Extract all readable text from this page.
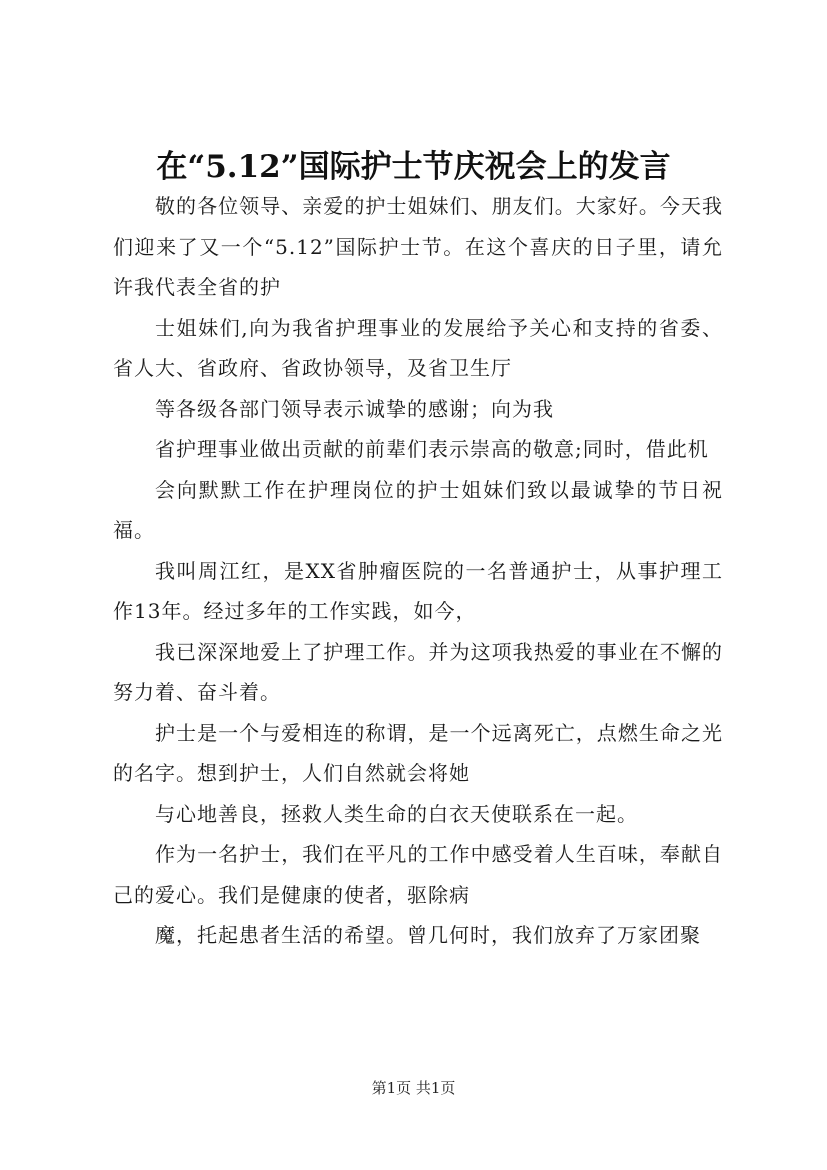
在“5.12”国际护士节庆祝会上的发言

敬的各位领导、亲爱的护士姐妹们、朋友们。大家好。今天我们迎来了又一个“5.12”国际护士节。在这个喜庆的日子里，请允许我代表全省的护

士姐妹们,向为我省护理事业的发展给予关心和支持的省委、省人大、省政府、省政协领导，及省卫生厅

等各级各部门领导表示诚挚的感谢；向为我

省护理事业做出贡献的前辈们表示崇高的敬意;同时，借此机

会向默默工作在护理岗位的护士姐妹们致以最诚挚的节日祝福。

我叫周江红，是XX省肿瘤医院的一名普通护士，从事护理工作13年。经过多年的工作实践，如今，

我已深深地爱上了护理工作。并为这项我热爱的事业在不懈的努力着、奋斗着。

护士是一个与爱相连的称谓，是一个远离死亡，点燃生命之光的名字。想到护士，人们自然就会将她

与心地善良，拯救人类生命的白衣天使联系在一起。

作为一名护士，我们在平凡的工作中感受着人生百味，奉献自己的爱心。我们是健康的使者，驱除病

魔，托起患者生活的希望。曾几何时，我们放弃了万家团聚

第1页 共1页
